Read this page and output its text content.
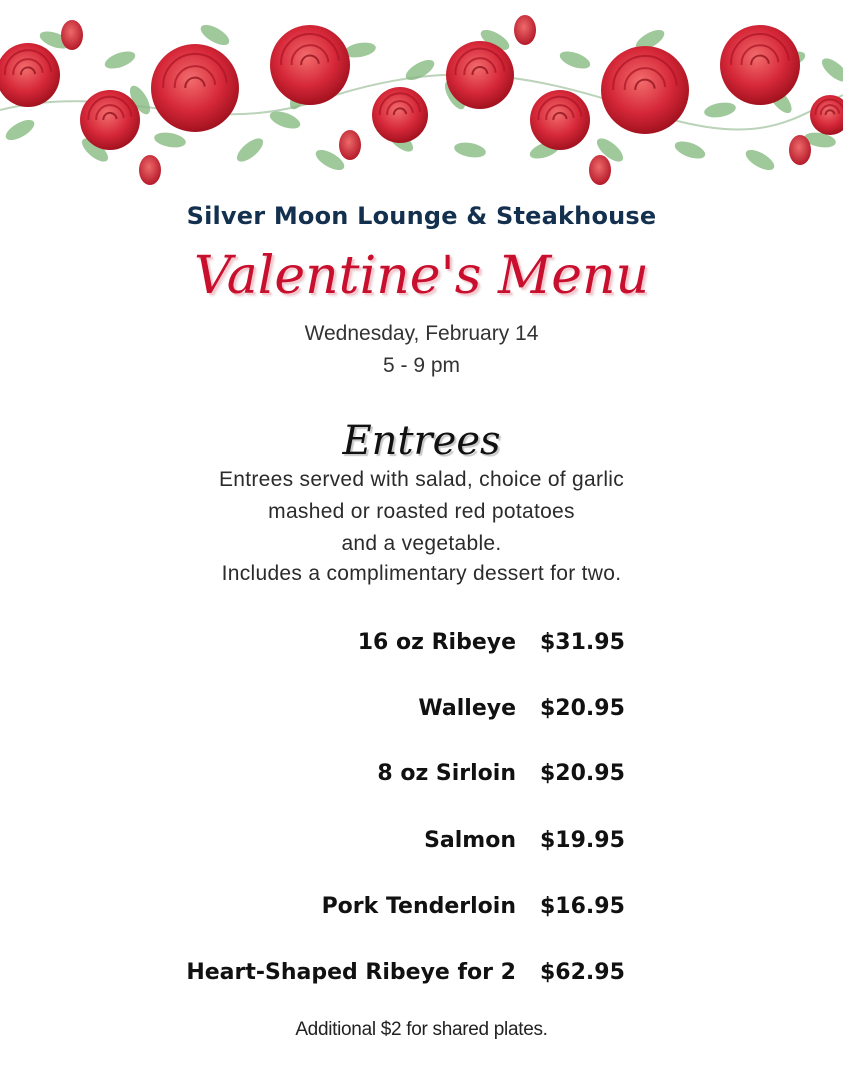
Silver Moon Lounge & Steakhouse
Valentine's Menu
Wednesday, February 14
5 - 9 pm
Entrees
Entrees served with salad, choice of garlic
mashed or roasted red potatoes
and a vegetable.
Includes a complimentary dessert for two.
16 oz Ribeye $31.95
Walleye $20.95
8 oz Sirloin $20.95
Salmon $19.95
Pork Tenderloin $16.95
Heart-Shaped Ribeye for 2 $62.95
Additional $2 for shared plates.
